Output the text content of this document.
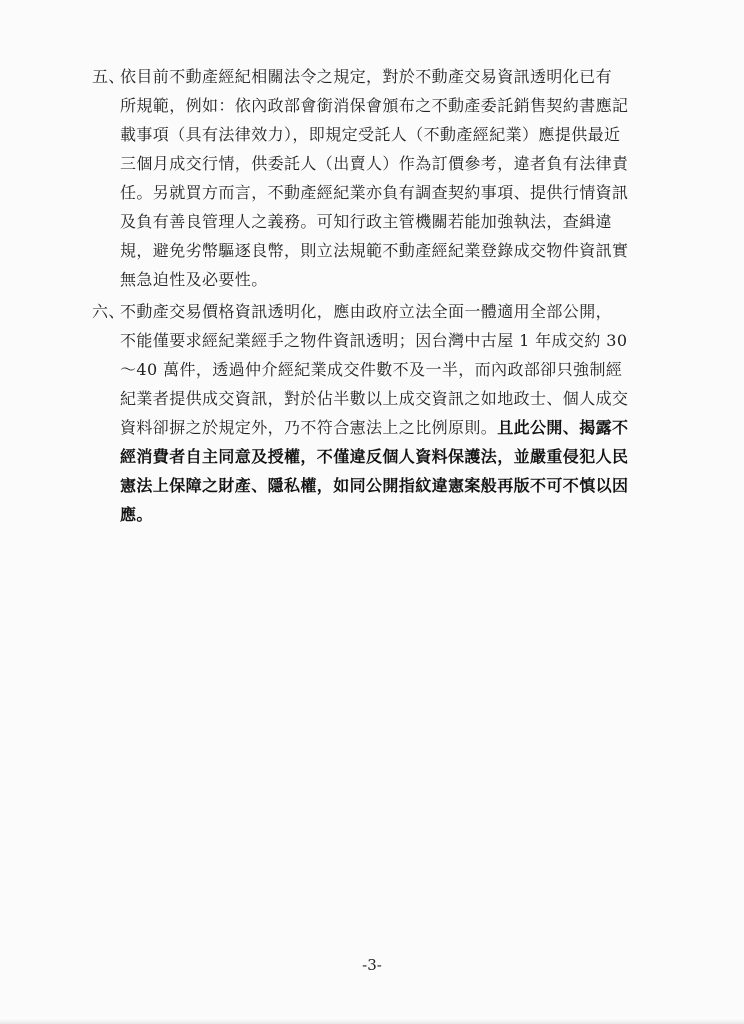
五、
依目前不動產經紀相關法令之規定，對於不動產交易資訊透明化已有
所規範，例如：依內政部會銜消保會頒布之不動產委託銷售契約書應記
載事項（具有法律效力），即規定受託人（不動產經紀業）應提供最近
三個月成交行情，供委託人（出賣人）作為訂價參考，違者負有法律責
任。另就買方而言，不動產經紀業亦負有調查契約事項、提供行情資訊
及負有善良管理人之義務。可知行政主管機關若能加強執法，查緝違
規，避免劣幣驅逐良幣，則立法規範不動產經紀業登錄成交物件資訊實
無急迫性及必要性。
六、
不動產交易價格資訊透明化，應由政府立法全面一體適用全部公開，
不能僅要求經紀業經手之物件資訊透明；因台灣中古屋 1 年成交約 30
～40 萬件，透過仲介經紀業成交件數不及一半，而內政部卻只強制經
紀業者提供成交資訊，對於佔半數以上成交資訊之如地政士、個人成交
資料卻摒之於規定外，乃不符合憲法上之比例原則。且此公開、揭露不
經消費者自主同意及授權，不僅違反個人資料保護法，並嚴重侵犯人民
憲法上保障之財產、隱私權，如同公開指紋違憲案般再版不可不慎以因
應。
-3-
